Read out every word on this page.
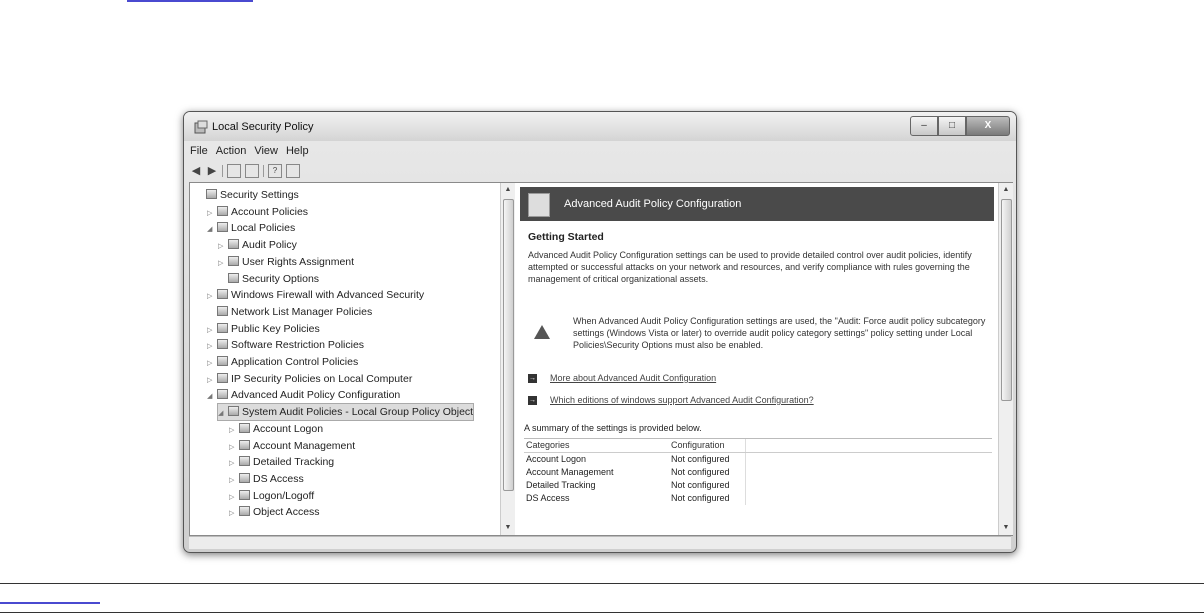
Local Security Policy	–	□	X
File Action View Help
◀ ▶	?
Security Settings
▷ Account Policies
◢ Local Policies
▷ Audit Policy
▷ User Rights Assignment
Security Options
▷ Windows Firewall with Advanced Security
Network List Manager Policies
▷ Public Key Policies
▷ Software Restriction Policies
▷ Application Control Policies
▷ IP Security Policies on Local Computer
◢ Advanced Audit Policy Configuration
◢ System Audit Policies - Local Group Policy Object
▷ Account Logon
▷ Account Management
▷ Detailed Tracking
▷ DS Access
▷ Logon/Logoff
▷ Object Access
▲
▼
Advanced Audit Policy Configuration
Getting Started
Advanced Audit Policy Configuration settings can be used to provide detailed control over audit policies, identify attempted or successful attacks on your network and resources, and verify compliance with rules governing the management of critical organizational assets.
When Advanced Audit Policy Configuration settings are used, the "Audit: Force audit policy subcategory settings (Windows Vista or later) to override audit policy category settings" policy setting under Local Policies\Security Options must also be enabled.
→ More about Advanced Audit Configuration
→ Which editions of windows support Advanced Audit Configuration?
A summary of the settings is provided below.
Categories	Configuration
Account Logon	Not configured
Account Management	Not configured
Detailed Tracking	Not configured
DS Access	Not configured
▲
▼
